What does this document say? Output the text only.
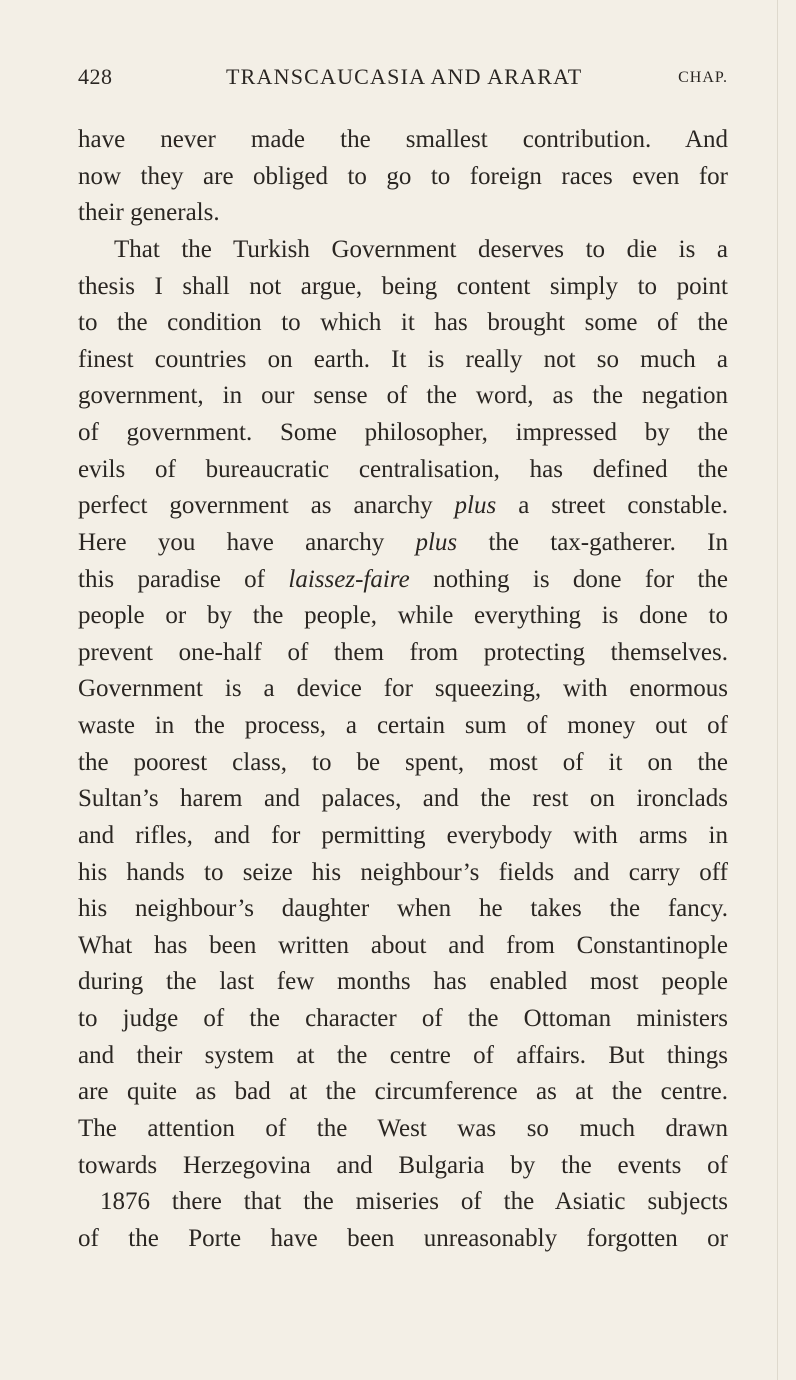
428	TRANSCAUCASIA AND ARARAT	CHAP.
have never made the smallest contribution. And
now they are obliged to go to foreign races even for
their generals.
That the Turkish Government deserves to die is a
thesis I shall not argue, being content simply to point
to the condition to which it has brought some of the
finest countries on earth. It is really not so much a
government, in our sense of the word, as the negation
of government. Some philosopher, impressed by the
evils of bureaucratic centralisation, has defined the
perfect government as anarchy plus a street constable.
Here you have anarchy plus the tax-gatherer. In
this paradise of laissez-faire nothing is done for the
people or by the people, while everything is done to
prevent one-half of them from protecting themselves.
Government is a device for squeezing, with enormous
waste in the process, a certain sum of money out of
the poorest class, to be spent, most of it on the
Sultan’s harem and palaces, and the rest on ironclads
and rifles, and for permitting everybody with arms in
his hands to seize his neighbour’s fields and carry off
his neighbour’s daughter when he takes the fancy.
What has been written about and from Constantinople
during the last few months has enabled most people
to judge of the character of the Ottoman ministers
and their system at the centre of affairs. But things
are quite as bad at the circumference as at the centre.
The attention of the West was so much drawn
towards Herzegovina and Bulgaria by the events of
1876 there that the miseries of the Asiatic subjects
of the Porte have been unreasonably forgotten or
